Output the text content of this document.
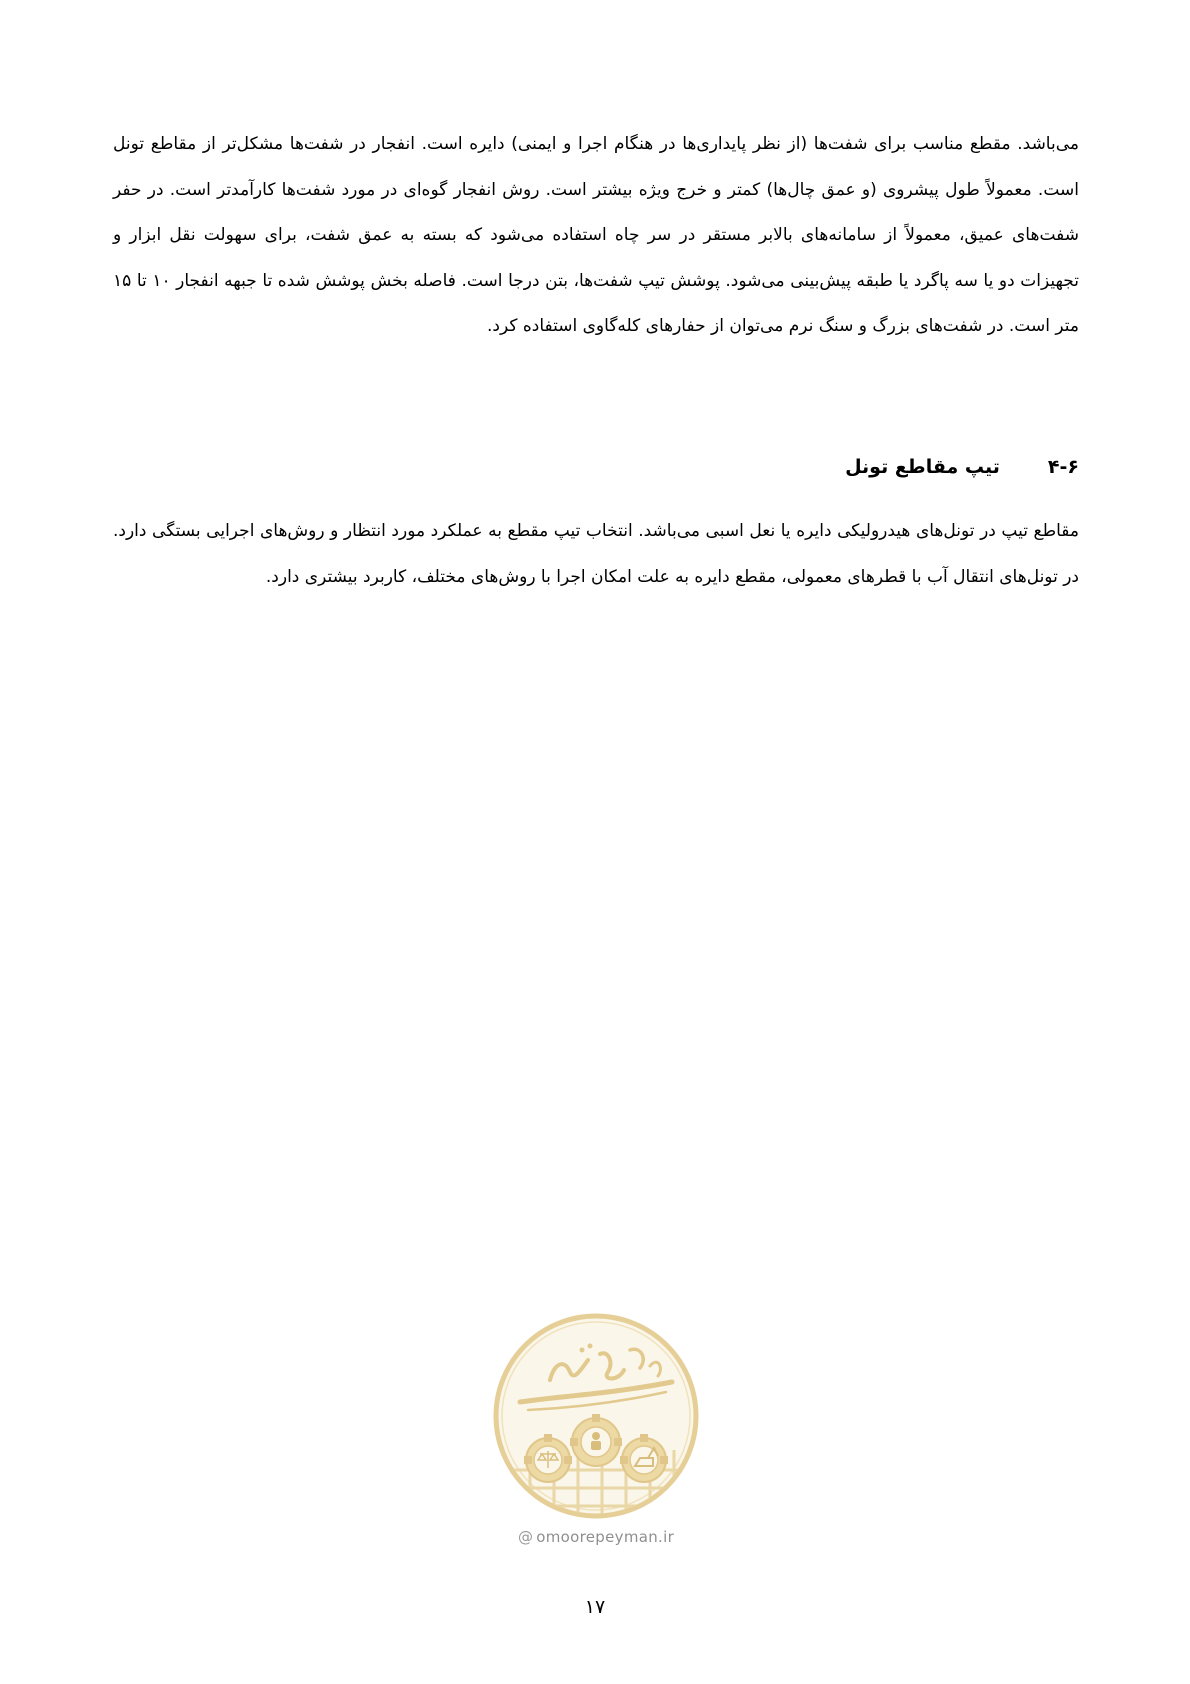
می‌باشد. مقطع مناسب برای شفت‌ها (از نظر پایداری‌ها در هنگام اجرا و ایمنی) دایره است. انفجار در شفت‌ها مشکل‌تر از مقاطع تونل است. معمولاً طول پیشروی (و عمق چال‌ها) کمتر و خرج ویژه بیشتر است. روش انفجار گوه‌ای در مورد شفت‌ها کارآمدتر است. در حفر شفت‌های عمیق، معمولاً از سامانه‌های بالابر مستقر در سر چاه استفاده می‌شود که بسته به عمق شفت، برای سهولت نقل ابزار و تجهیزات دو یا سه پاگرد یا طبقه پیش‌بینی می‌شود. پوشش تیپ شفت‌ها، بتن درجا است. فاصله بخش پوشش شده تا جبهه انفجار ۱۰ تا ۱۵ متر است. در شفت‌های بزرگ و سنگ نرم می‌توان از حفارهای کله‌گاوی استفاده کرد.

۴-۶تیپ مقاطع تونل

مقاطع تیپ در تونل‌های هیدرولیکی دایره یا نعل اسبی می‌باشد. انتخاب تیپ مقطع به عملکرد مورد انتظار و روش‌های اجرایی بستگی دارد. در تونل‌های انتقال آب با قطرهای معمولی، مقطع دایره به علت امکان اجرا با روش‌های مختلف، کاربرد بیشتری دارد.

@ omoorepeyman.ir
۱۷
